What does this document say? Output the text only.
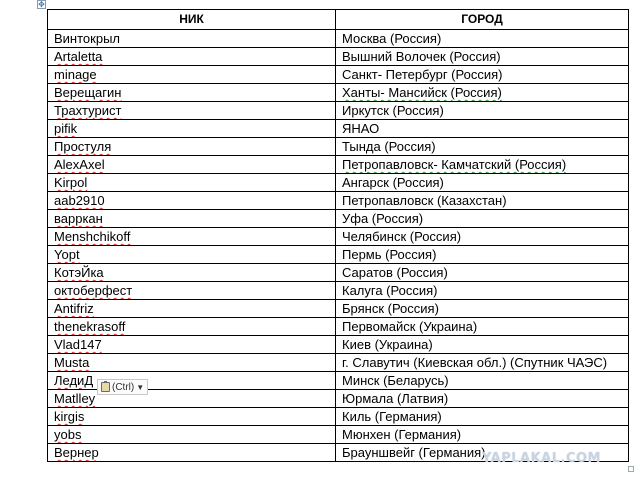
✥
НИК	ГОРОД
Винтокрыл	Москва (Россия)
Artaletta	Вышний Волочек (Россия)
minage	Санкт- Петербург (Россия)
Верещагин	Ханты- Мансийск (Россия)
Трахтурист	Иркутск (Россия)
pifik	ЯНАО
Простуля	Тында (Россия)
AlexAxel	Петропавловск- Камчатский (Россия)
Kirpol	Ангарск (Россия)
aab2910	Петропавловск (Казахстан)
варркан	Уфа (Россия)
Menshchikoff	Челябинск (Россия)
Yopt	Пермь (Россия)
КотэЙка	Саратов (Россия)
октоберфест	Калуга (Россия)
Antifriz	Брянск (Россия)
thenekrasoff	Первомайск (Украина)
Vlad147	Киев (Украина)
Musta	г. Славутич (Киевская обл.) (Спутник ЧАЭС)
ЛедиД	Минск (Беларусь)
Matlley	Юрмала (Латвия)
kirgis	Киль (Германия)
yobs	Мюнхен (Германия)
Вернер	Брауншвейг (Германия)
(Ctrl) ▼
YAPLAKAL.COM
